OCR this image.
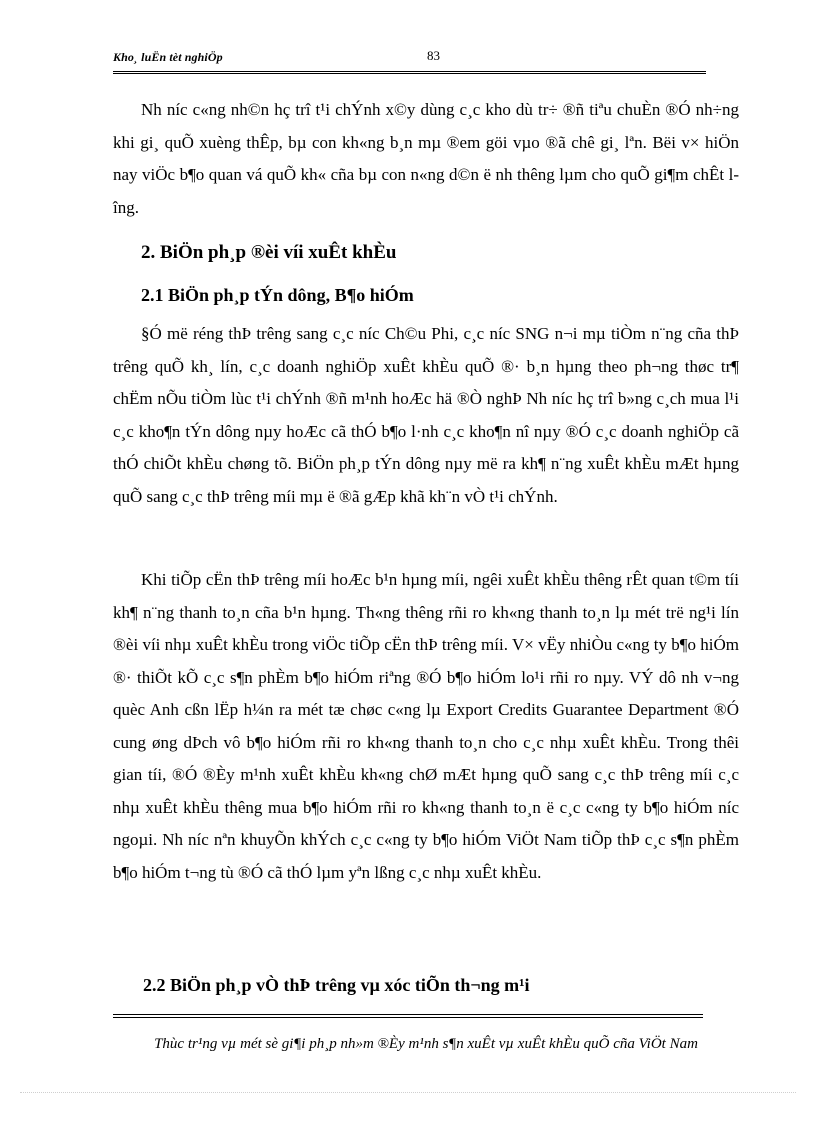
Kho¸ luËn tèt nghiÖp	83

Nh níc c«ng nh©n hç trî t¹i chÝnh x©y dùng c¸c kho dù tr÷ ®ñ tiªu chuÈn ®Ó nh÷ng khi gi¸ quÕ xuèng thÊp, bµ con kh«ng b¸n mµ ®em göi vµo ®ã chê gi¸ lªn. Bëi v× hiÖn nay viÖc b¶o quan vá quÕ kh« cña bµ con n«ng d©n ë nh thêng lµm cho quÕ gi¶m chÊt lîng.

2. BiÖn ph¸p ®èi víi xuÊt khÈu
2.1 BiÖn ph¸p tÝn dông, B¶o hiÓm

§Ó më réng thÞ trêng sang c¸c níc Ch©u Phi, c¸c níc SNG n¬i mµ tiÒm n¨ng cña thÞ trêng quÕ kh¸ lín, c¸c doanh nghiÖp xuÊt khÈu quÕ ®· b¸n hµng theo ph¬ng thøc tr¶ chËm nÕu tiÒm lùc t¹i chÝnh ®ñ m¹nh hoÆc hä ®Ò nghÞ Nh níc hç trî b»ng c¸ch mua l¹i c¸c kho¶n tÝn dông nµy hoÆc cã thÓ b¶o l·nh c¸c kho¶n nî nµy ®Ó c¸c doanh nghiÖp cã thÓ chiÕt khÈu chøng tõ. BiÖn ph¸p tÝn dông nµy më ra kh¶ n¨ng xuÊt khÈu mÆt hµng quÕ sang c¸c thÞ trêng míi mµ ë ®ã gÆp khã kh¨n vÒ t¹i chÝnh.

Khi tiÕp cËn thÞ trêng míi hoÆc b¹n hµng míi, ngêi xuÊt khÈu thêng rÊt quan t©m tíi kh¶ n¨ng thanh to¸n cña b¹n hµng. Th«ng thêng rñi ro kh«ng thanh to¸n lµ mét trë ng¹i lín ®èi víi nhµ xuÊt khÈu trong viÖc tiÕp cËn thÞ trêng míi. V× vËy nhiÒu c«ng ty b¶o hiÓm ®· thiÕt kÕ c¸c s¶n phÈm b¶o hiÓm riªng ®Ó b¶o hiÓm lo¹i rñi ro nµy. VÝ dô nh v¬ng quèc Anh cßn lËp h¼n ra mét tæ chøc c«ng lµ Export Credits Guarantee Department ®Ó cung øng dÞch vô b¶o hiÓm rñi ro kh«ng thanh to¸n cho c¸c nhµ xuÊt khÈu. Trong thêi gian tíi, ®Ó ®Èy m¹nh xuÊt khÈu kh«ng chØ mÆt hµng quÕ sang c¸c thÞ trêng míi c¸c nhµ xuÊt khÈu thêng mua b¶o hiÓm rñi ro kh«ng thanh to¸n ë c¸c c«ng ty b¶o hiÓm níc ngoµi. Nh níc nªn khuyÕn khÝch c¸c c«ng ty b¶o hiÓm ViÖt Nam tiÕp thÞ c¸c s¶n phÈm b¶o hiÓm t¬ng tù ®Ó cã thÓ lµm yªn lßng c¸c nhµ xuÊt khÈu.

2.2 BiÖn ph¸p vÒ thÞ trêng vµ xóc tiÕn th¬ng m¹i
Thùc tr¹ng vµ mét sè gi¶i ph¸p nh»m ®Èy m¹nh s¶n xuÊt vµ xuÊt khÈu quÕ cña ViÖt Nam
